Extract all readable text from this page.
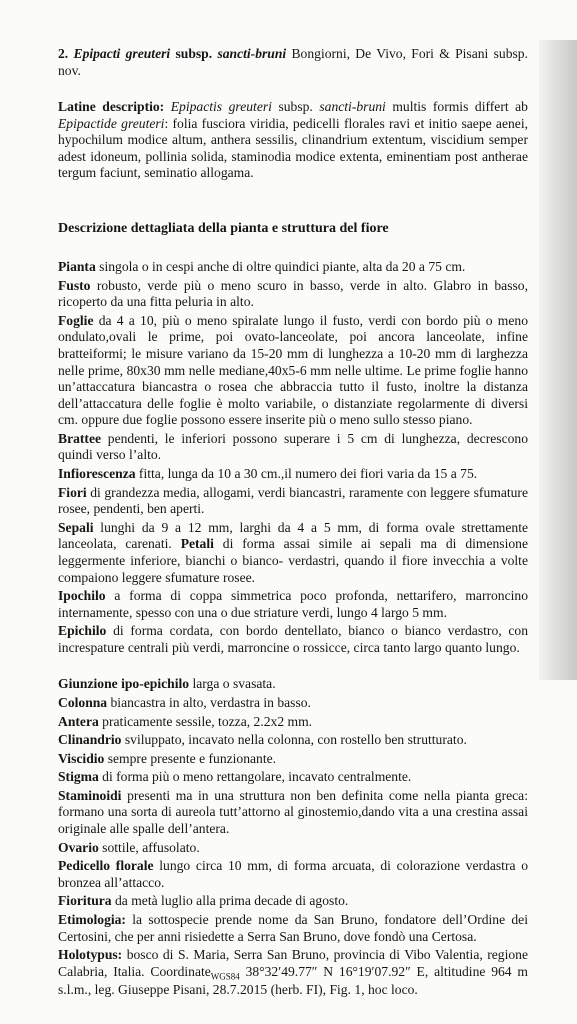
2. Epipacti greuteri subsp. sancti-bruni Bongiorni, De Vivo, Fori & Pisani subsp. nov.

Latine descriptio: Epipactis greuteri subsp. sancti-bruni multis formis differt ab Epipactide greuteri: folia fusciora viridia, pedicelli florales ravi et initio saepe aenei, hypochilum modice altum, anthera sessilis, clinandrium extentum, viscidium semper adest idoneum, pollinia solida, staminodia modice extenta, eminentiam post antherae tergum faciunt, seminatio allogama.

Descrizione dettagliata della pianta e struttura del fiore

Pianta singola o in cespi anche di oltre quindici piante, alta da 20 a 75 cm.

Fusto robusto, verde più o meno scuro in basso, verde in alto. Glabro in basso, ricoperto da una fitta peluria in alto.

Foglie da 4 a 10, più o meno spiralate lungo il fusto, verdi con bordo più o meno ondulato,ovali le prime, poi ovato-lanceolate, poi ancora lanceolate, infine bratteiformi; le misure variano da 15-20 mm di lunghezza a 10-20 mm di larghezza nelle prime, 80x30 mm nelle mediane,40x5-6 mm nelle ultime. Le prime foglie hanno un’attaccatura biancastra o rosea che abbraccia tutto il fusto, inoltre la distanza dell’attaccatura delle foglie è molto variabile, o distanziate regolarmente di diversi cm. oppure due foglie possono essere inserite più o meno sullo stesso piano.

Brattee pendenti, le inferiori possono superare i 5 cm di lunghezza, decrescono quindi verso l’alto.

Infiorescenza fitta, lunga da 10 a 30 cm.,il numero dei fiori varia da 15 a 75.

Fiori di grandezza media, allogami, verdi biancastri, raramente con leggere sfumature rosee, pendenti, ben aperti.

Sepali lunghi da 9 a 12 mm, larghi da 4 a 5 mm, di forma ovale strettamente lanceolata, carenati. Petali di forma assai simile ai sepali ma di dimensione leggermente inferiore, bianchi o bianco- verdastri, quando il fiore invecchia a volte compaiono leggere sfumature rosee.

Ipochilo a forma di coppa simmetrica poco profonda, nettarifero, marroncino internamente, spesso con una o due striature verdi, lungo 4 largo 5 mm.

Epichilo di forma cordata, con bordo dentellato, bianco o bianco verdastro, con increspature centrali più verdi, marroncine o rossicce, circa tanto largo quanto lungo.

Giunzione ipo-epichilo larga o svasata.

Colonna biancastra in alto, verdastra in basso.

Antera praticamente sessile, tozza, 2.2x2 mm.

Clinandrio sviluppato, incavato nella colonna, con rostello ben strutturato.

Viscidio sempre presente e funzionante.

Stigma di forma più o meno rettangolare, incavato centralmente.

Staminoidi presenti ma in una struttura non ben definita come nella pianta greca: formano una sorta di aureola tutt’attorno al ginostemio,dando vita a una crestina assai originale alle spalle dell’antera.

Ovario sottile, affusolato.

Pedicello florale lungo circa 10 mm, di forma arcuata, di colorazione verdastra o bronzea all’attacco.

Fioritura da metà luglio alla prima decade di agosto.

Etimologia: la sottospecie prende nome da San Bruno, fondatore dell’Ordine dei Certosini, che per anni risiedette a Serra San Bruno, dove fondò una Certosa.

Holotypus: bosco di S. Maria, Serra San Bruno, provincia di Vibo Valentia, regione Calabria, Italia. Coordinate$_{WGS84}$ 38°32′49.77″ N 16°19′07.92″ E, altitudine 964 m s.l.m., leg. Giuseppe Pisani, 28.7.2015 (herb. FI), Fig. 1, hoc loco.
